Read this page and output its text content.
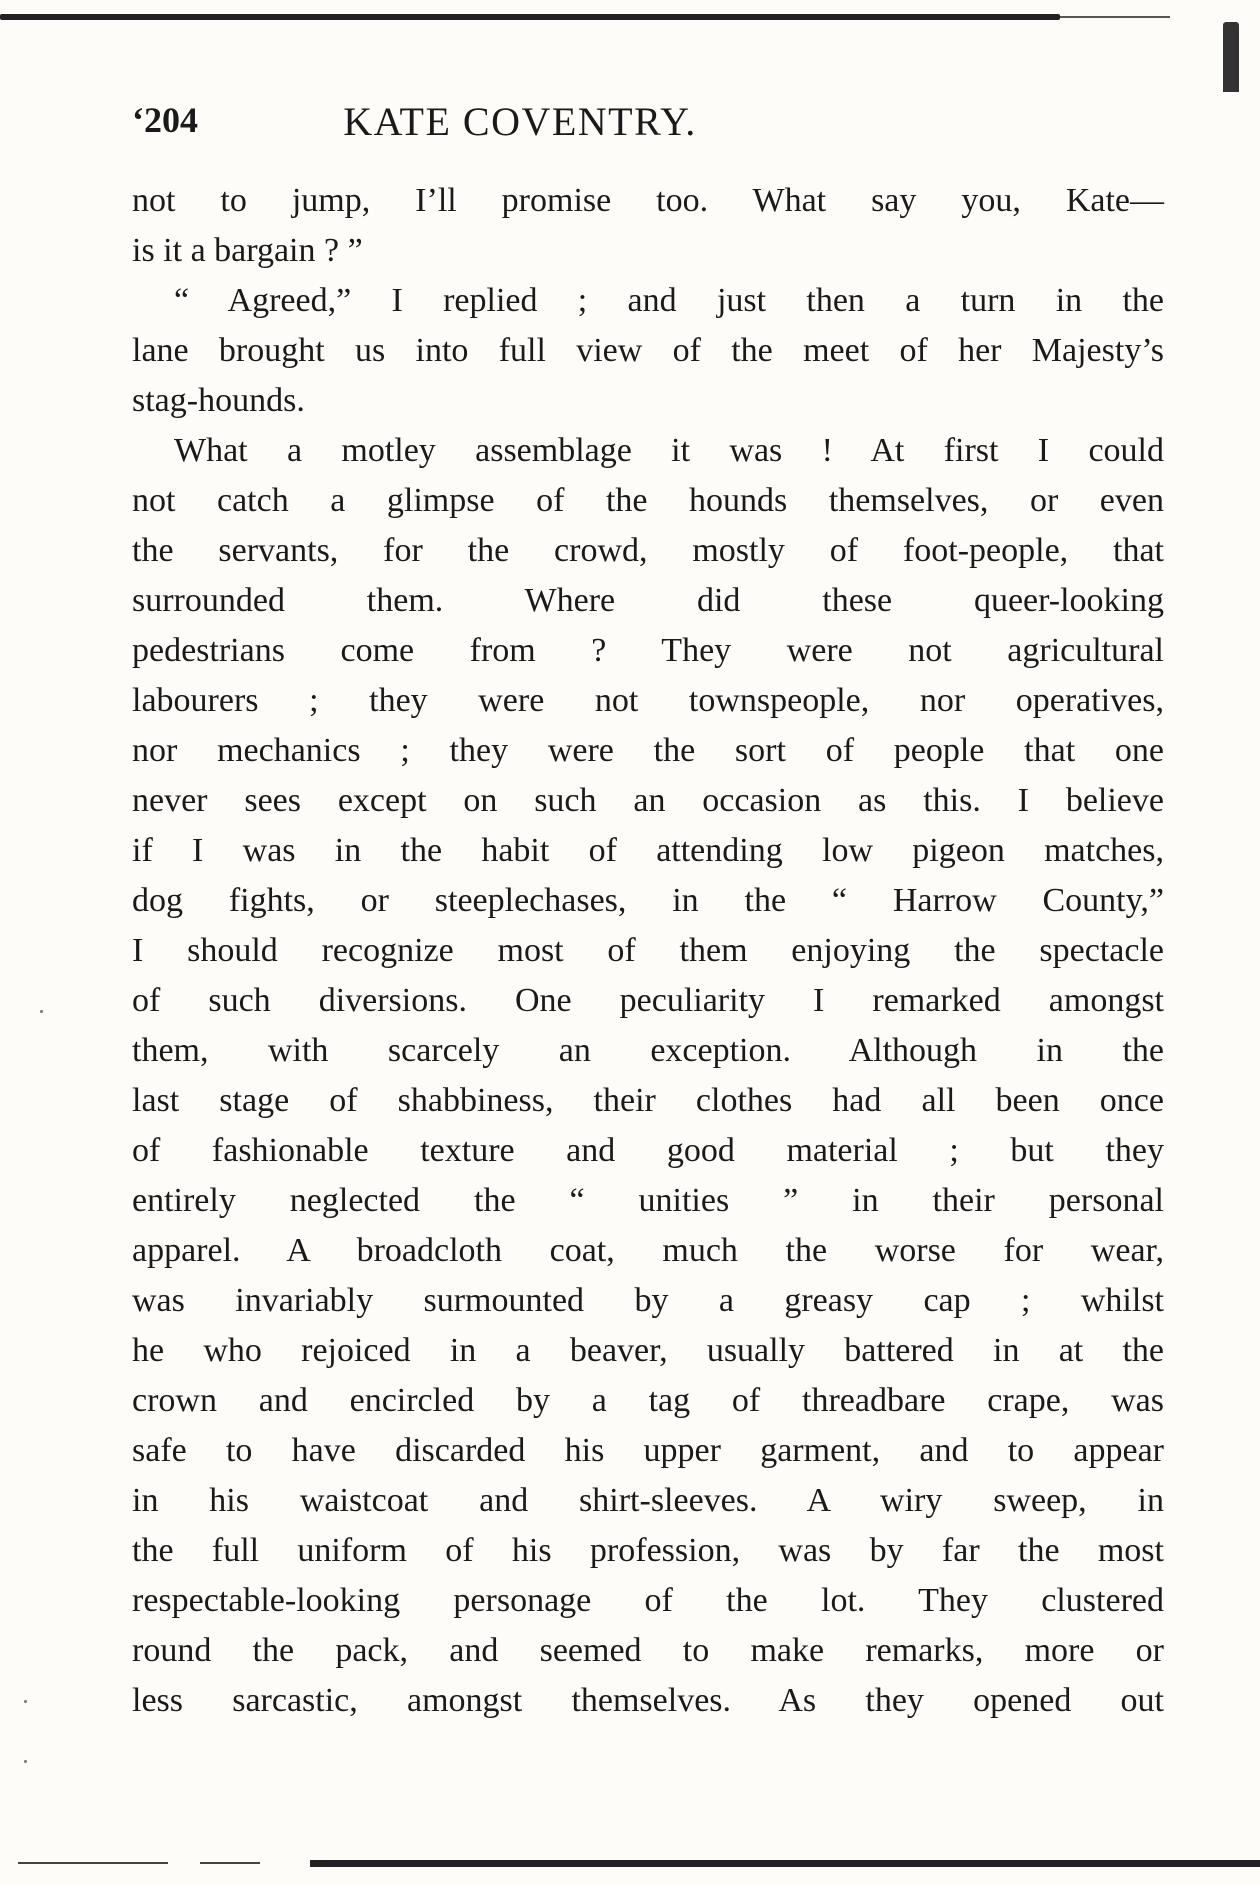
‘204	KATE COVENTRY.
not to jump, I’ll promise too. What say you, Kate—
is it a bargain ? ”
“ Agreed,” I replied ; and just then a turn in the
lane brought us into full view of the meet of her Majesty’s
stag-hounds.
What a motley assemblage it was ! At first I could
not catch a glimpse of the hounds themselves, or even
the servants, for the crowd, mostly of foot-people, that
surrounded them. Where did these queer-looking
pedestrians come from ? They were not agricultural
labourers ; they were not townspeople, nor operatives,
nor mechanics ; they were the sort of people that one
never sees except on such an occasion as this. I believe
if I was in the habit of attending low pigeon matches,
dog fights, or steeplechases, in the “ Harrow County,”
I should recognize most of them enjoying the spectacle
of such diversions. One peculiarity I remarked amongst
them, with scarcely an exception. Although in the
last stage of shabbiness, their clothes had all been once
of fashionable texture and good material ; but they
entirely neglected the “ unities ” in their personal
apparel. A broadcloth coat, much the worse for wear,
was invariably surmounted by a greasy cap ; whilst
he who rejoiced in a beaver, usually battered in at the
crown and encircled by a tag of threadbare crape, was
safe to have discarded his upper garment, and to appear
in his waistcoat and shirt-sleeves. A wiry sweep, in
the full uniform of his profession, was by far the most
respectable-looking personage of the lot. They clustered
round the pack, and seemed to make remarks, more or
less sarcastic, amongst themselves. As they opened out
